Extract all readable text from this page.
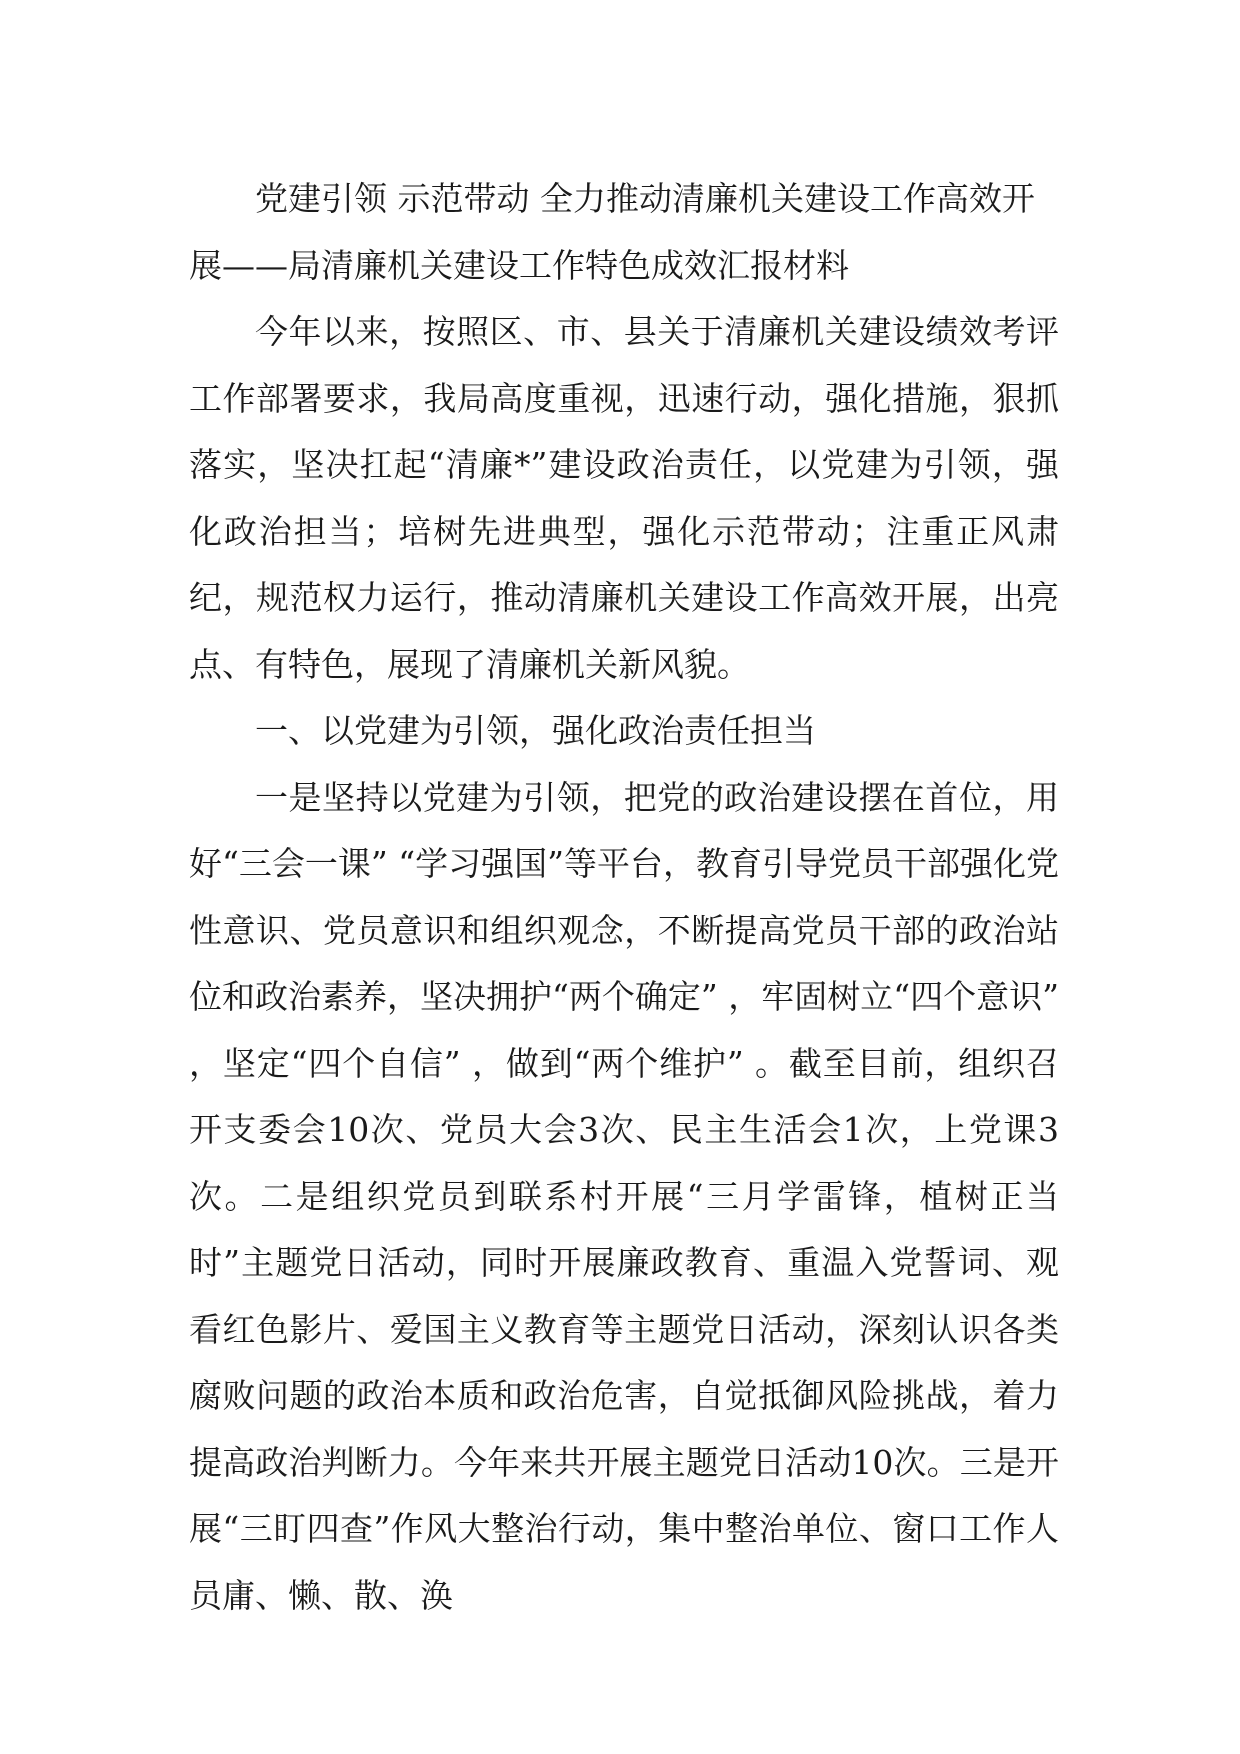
党建引领 示范带动 全力推动清廉机关建设工作高效开
展——局清廉机关建设工作特色成效汇报材料

今年以来，按照区、市、县关于清廉机关建设绩效考评工作部署要求，我局高度重视，迅速行动，强化措施，狠抓落实，坚决扛起“清廉*”建设政治责任，以党建为引领，强化政治担当；培树先进典型，强化示范带动；注重正风肃纪，规范权力运行，推动清廉机关建设工作高效开展，出亮点、有特色，展现了清廉机关新风貌。

一、以党建为引领，强化政治责任担当

一是坚持以党建为引领，把党的政治建设摆在首位，用好“三会一课” “学习强国”等平台，教育引导党员干部强化党性意识、党员意识和组织观念，不断提高党员干部的政治站位和政治素养，坚决拥护“两个确定” ，牢固树立“四个意识” ，坚定“四个自信” ，做到“两个维护” 。截至目前，组织召开支委会10次、党员大会3次、民主生活会1次，上党课3次。二是组织党员到联系村开展“三月学雷锋，植树正当时”主题党日活动，同时开展廉政教育、重温入党誓词、观看红色影片、爱国主义教育等主题党日活动，深刻认识各类腐败问题的政治本质和政治危害，自觉抵御风险挑战，着力提高政治判断力。今年来共开展主题党日活动10次。三是开展“三盯四查”作风大整治行动，集中整治单位、窗口工作人员庸、懒、散、涣
